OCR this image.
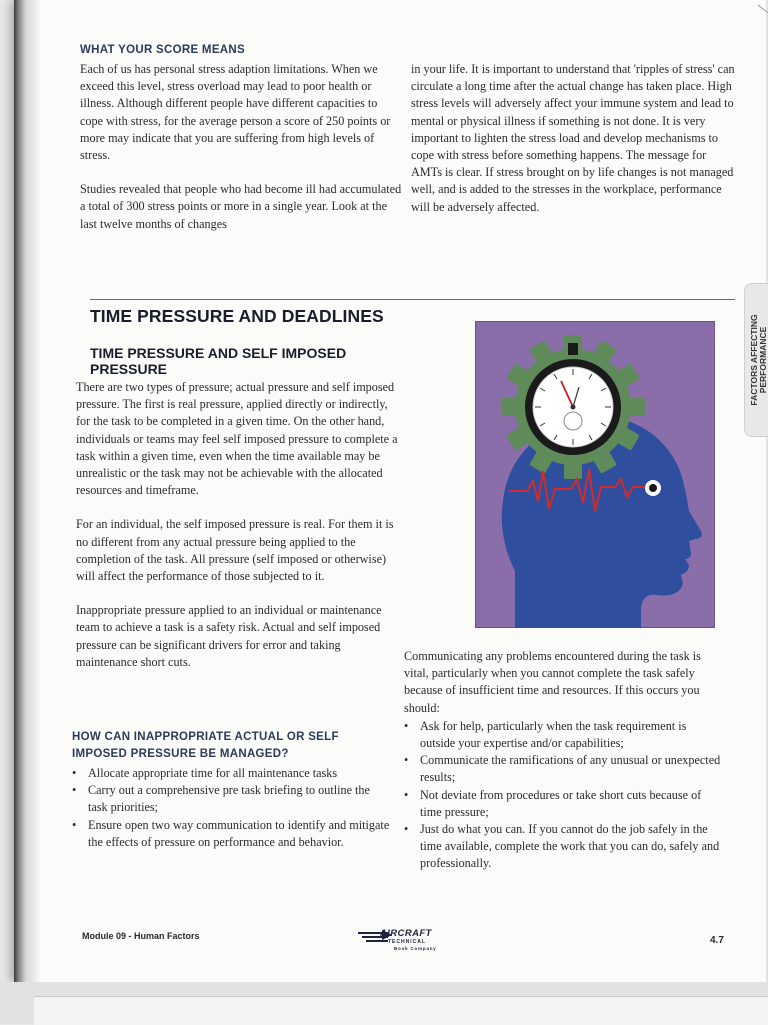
WHAT YOUR SCORE MEANS

Each of us has personal stress adaption limitations. When we exceed this level, stress overload may lead to poor health or illness. Although different people have different capacities to cope with stress, for the average person a score of 250 points or more may indicate that you are suffering from high levels of stress.

Studies revealed that people who had become ill had accumulated a total of 300 stress points or more in a single year. Look at the last twelve months of changes

in your life. It is important to understand that 'ripples of stress' can circulate a long time after the actual change has taken place. High stress levels will adversely affect your immune system and lead to mental or physical illness if something is not done. It is very important to lighten the stress load and develop mechanisms to cope with stress before something happens. The message for AMTs is clear. If stress brought on by life changes is not managed well, and is added to the stresses in the workplace, performance will be adversely affected.

TIME PRESSURE AND DEADLINES
TIME PRESSURE AND SELF IMPOSED PRESSURE

There are two types of pressure; actual pressure and self imposed pressure. The first is real pressure, applied directly or indirectly, for the task to be completed in a given time. On the other hand, individuals or teams may feel self imposed pressure to complete a task within a given time, even when the time available may be unrealistic or the task may not be achievable with the allocated resources and timeframe.

For an individual, the self imposed pressure is real. For them it is no different from any actual pressure being applied to the completion of the task. All pressure (self imposed or otherwise) will affect the performance of those subjected to it.

Inappropriate pressure applied to an individual or maintenance team to achieve a task is a safety risk. Actual and self imposed pressure can be significant drivers for error and taking maintenance short cuts.

HOW CAN INAPPROPRIATE ACTUAL OR SELF IMPOSED PRESSURE BE MANAGED?
• Allocate appropriate time for all maintenance tasks
• Carry out a comprehensive pre task briefing to outline the task priorities;
• Ensure open two way communication to identify and mitigate the effects of pressure on performance and behavior.

Communicating any problems encountered during the task is vital, particularly when you cannot complete the task safely because of insufficient time and resources. If this occurs you should:

• Ask for help, particularly when the task requirement is outside your expertise and/or capabilities;
• Communicate the ramifications of any unusual or unexpected results;
• Not deviate from procedures or take short cuts because of time pressure;
• Just do what you can. If you cannot do the job safely in the time available, complete the work that you can do, safely and professionally.
FACTORS AFFECTING PERFORMANCE
Module 09 - Human Factors	AIRCRAFT
TECHNICAL
Book Company
4.7
